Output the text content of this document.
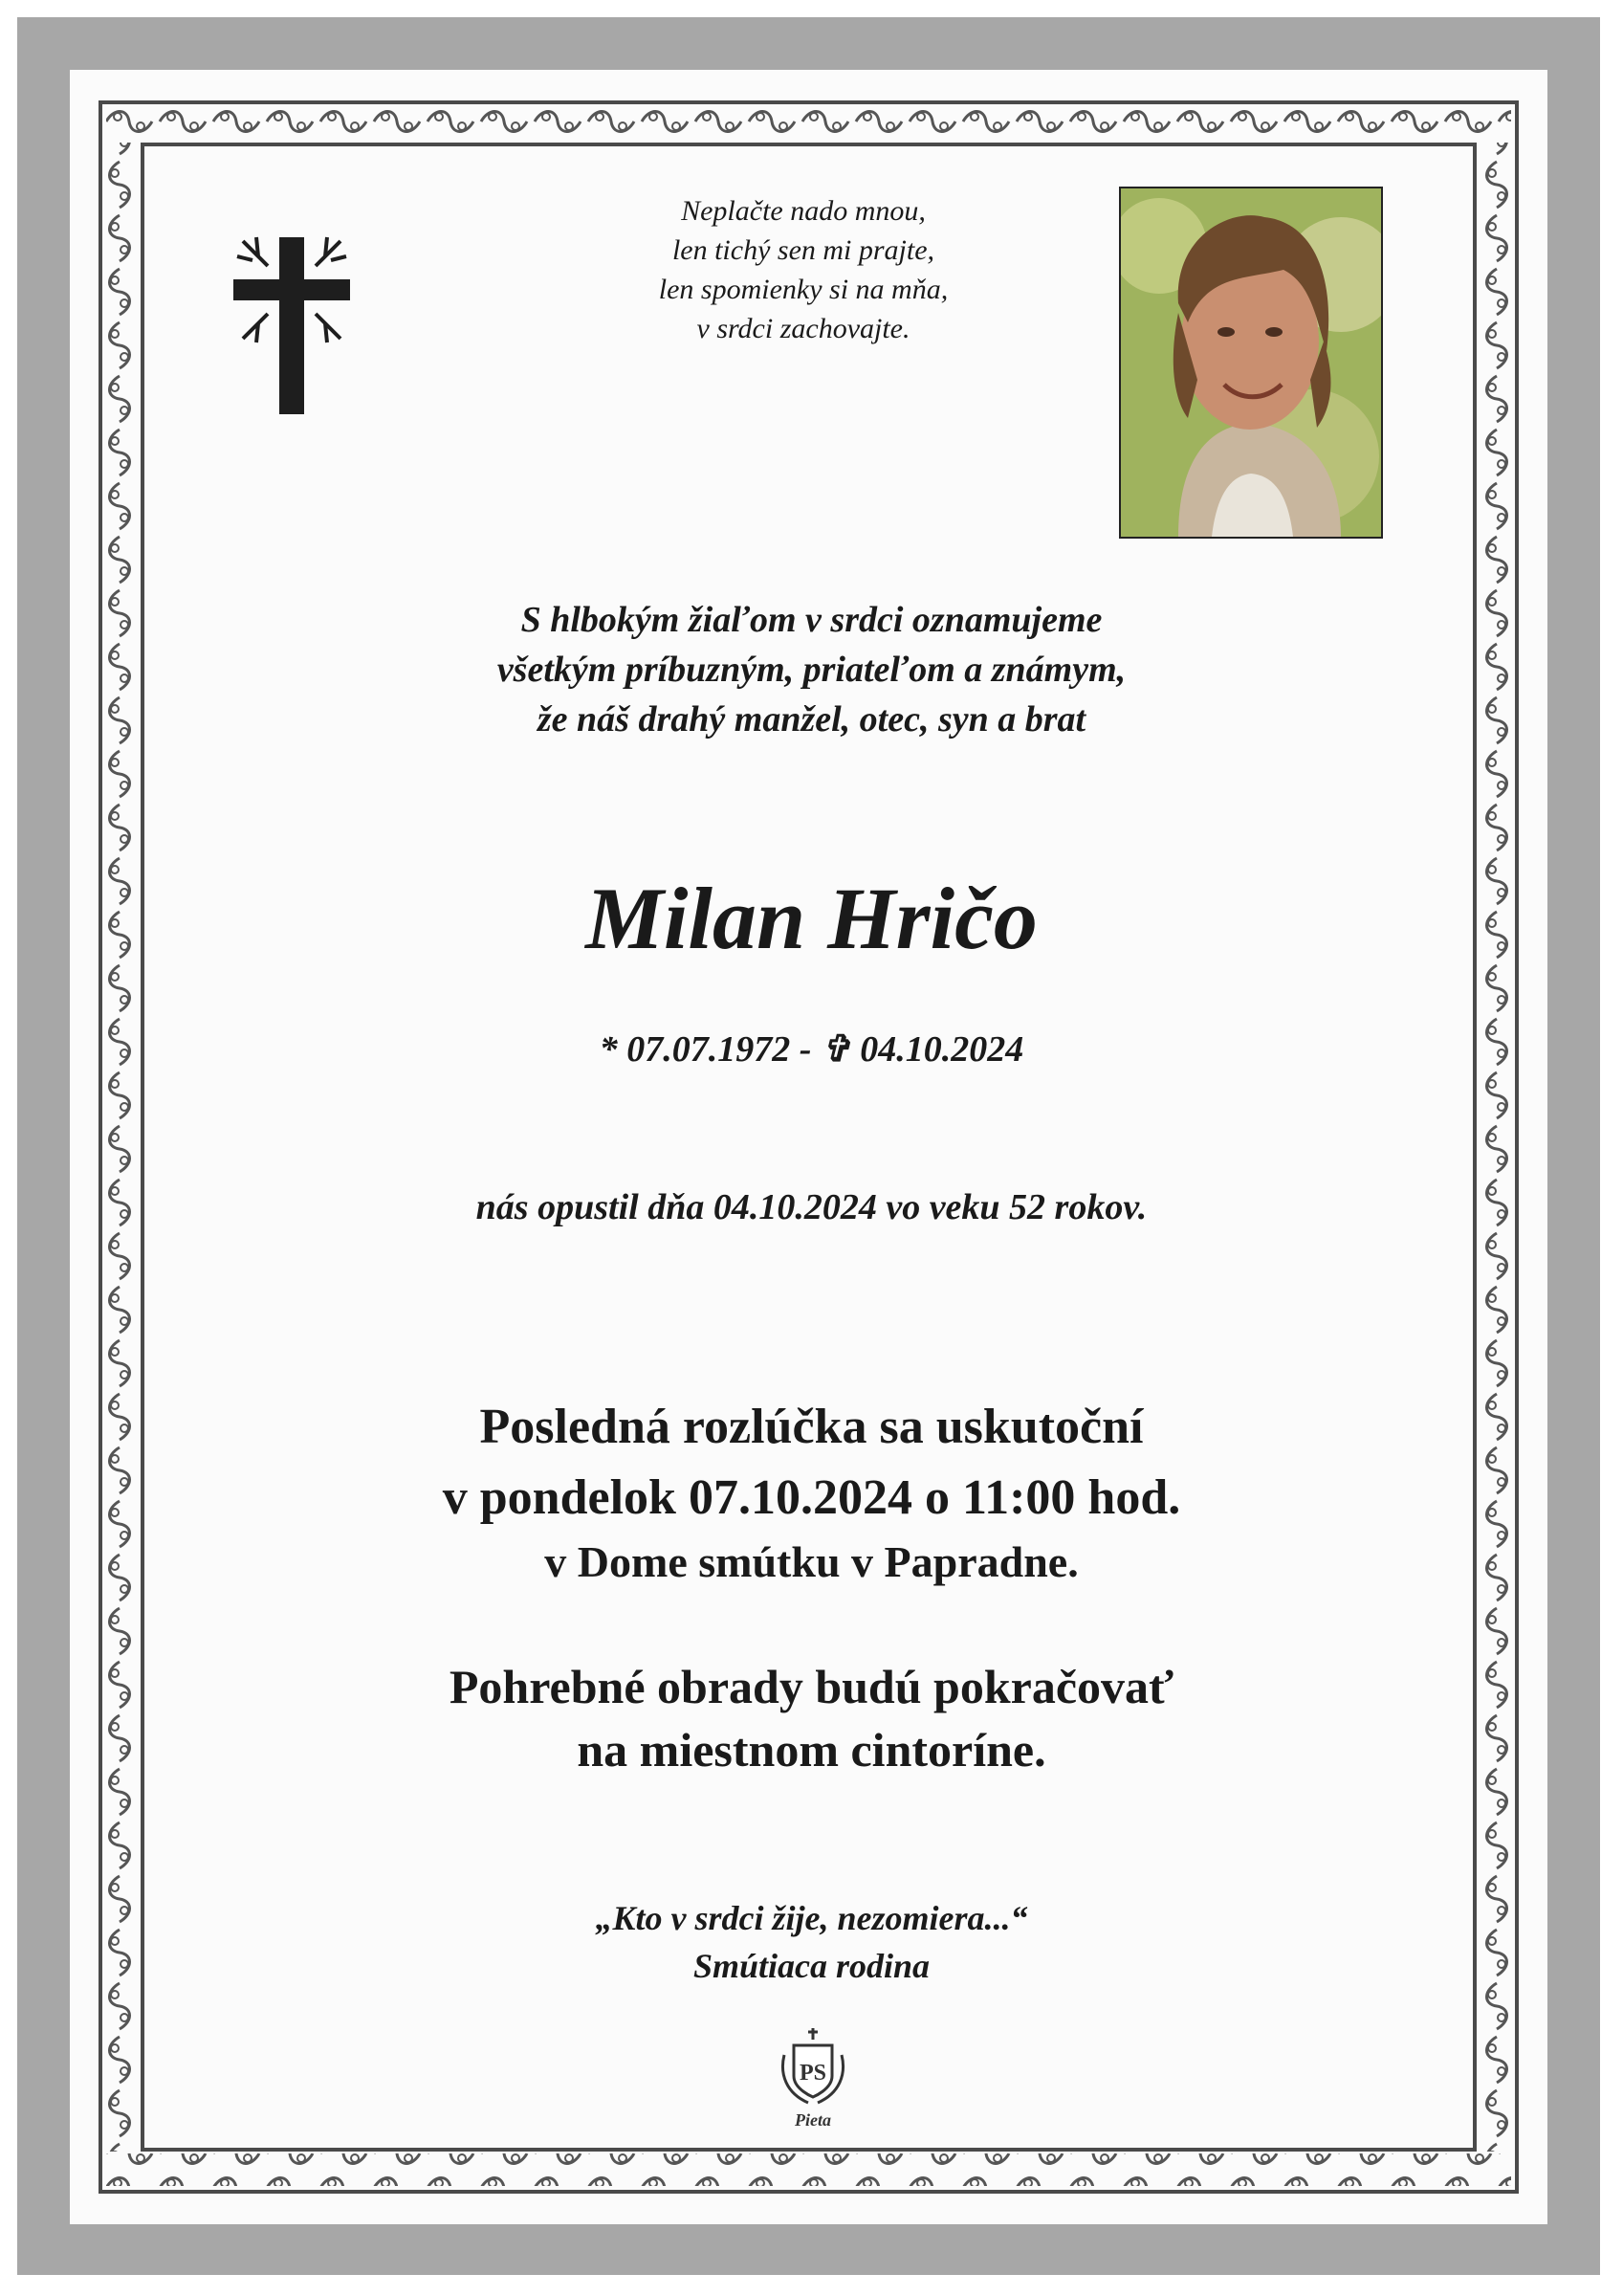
Neplačte nado mnou,
len tichý sen mi prajte,
len spomienky si na mňa,
v srdci zachovajte.
S hlbokým žiaľom v srdci oznamujeme
všetkým príbuzným, priateľom a známym,
že náš drahý manžel, otec, syn a brat
Milan Hričo
* 07.07.1972 - ✞ 04.10.2024
nás opustil dňa 04.10.2024 vo veku 52 rokov.
Posledná rozlúčka sa uskutoční
v pondelok 07.10.2024 o 11:00 hod.
v Dome smútku v Papradne.
Pohrebné obrady budú pokračovať
na miestnom cintoríne.
„Kto v srdci žije, nezomiera...“
Smútiaca rodina
PS
Pieta
